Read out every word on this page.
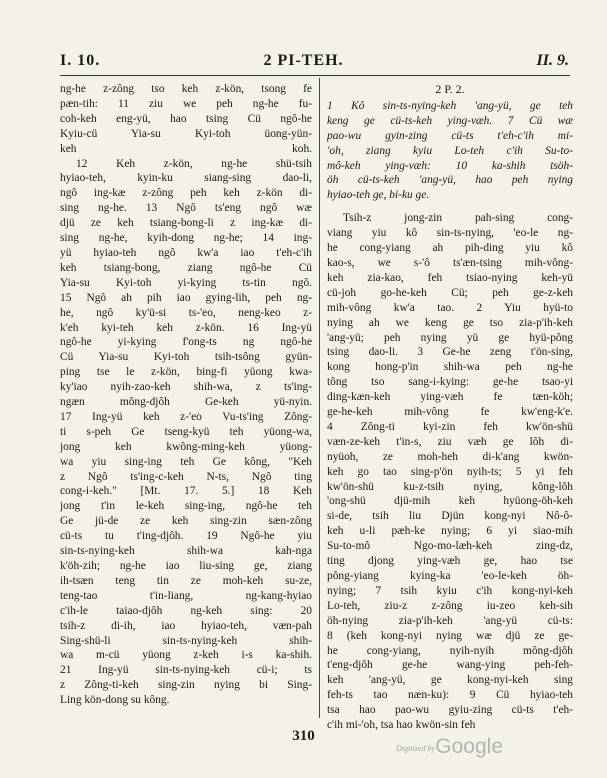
I. 10.	2 PI-TEH.	II. 9.
ng-he z-zông tso keh z-kön, tsong fe
pæn-tih: 11 ziu we peh ng-he fu-
coh-keh eng-yü, hao tsing Cü ngô-he
Kyiu-cü Yia-su Kyi-toh üong-yün-
keh koh.
12 Keh z-kön, ng-he shü-tsih
hyiao-teh, kyin-ku siang-sing dao-li,
ngô ing-kæ z-zông peh keh z-kön di-
sing ng-he. 13 Ngô ts'eng ngô wæ
djü ze keh tsiang-bong-li z ing-kæ di-
sing ng-he, kyih-dong ng-he; 14 ing-
yü hyiao-teh ngô kw'a iao t'eh-c'ih
keh tsiang-bong, ziang ngô-he Cü
Yia-su Kyi-toh yi-kying ts-tin ngô.
15 Ngô ah pih iao gying-lih, peh ng-
he, ngô ky'ü-si ts-'eo, neng-keo z-
k'eh kyi-teh keh z-kön. 16 Ing-yü
ngô-he yi-kying f'ong-ts ng ngô-he
Cü Yia-su Kyi-toh tsih-tsông gyün-
ping tse le z-kön, bing-fi yüong kwa-
ky'iao nyih-zao-keh shih-wa, z ts'ing-
ngæn mông-djôh Ge-keh yü-nyin.
17 Ing-yü keh z-'eo Vu-ts'ing Zông-
ti s-peh Ge tseng-kyü teh yüong-wa,
jong keh kwông-ming-keh yüong-
wa yiu sing-ing teh Ge kông, "Keh
z Ngô ts'ing-c-keh N-ts, Ngô ting
cong-i-keh." [Mt. 17. 5.] 18 Keh
jong t'in le-keh sing-ing, ngô-he teh
Ge jü-de ze keh sing-zin sæn-zông
cü-ts tu t'ing-djôh. 19 Ngô-he yiu
sin-ts-nying-keh shih-wa kah-nga
k'öh-zih; ng-he iao liu-sing ge, ziang
ih-tsæn teng tin ze moh-keh su-ze,
teng-tao t'in-liang, ng-kang-hyiao
c'ih-le taiao-djôh ng-keh sing: 20
tsih-z di-ih, iao hyiao-teh, væn-pah
Sing-shü-li sin-ts-nying-keh shih-
wa m-cü yüong z-keh i-s ka-shih.
21 Ing-yü sin-ts-nying-keh cü-i; ts
z Zông-ti-keh sing-zin nying bi Sing-
Ling kön-dong su kông.
2 P. 2.
1 Kô sin-ts-nying-keh 'ang-yü, ge teh
keng ge cü-ts-keh ying-væh. 7 Cü wæ
pao-wu gyin-zing cü-ts t'eh-c'ih mi-
'oh, ziang kyiu Lo-teh c'ih Su-to-
mô-keh ying-væh: 10 ka-shih tsöh-
öh cü-ts-keh 'ang-yü, hao peh nying
hyiao-teh ge, bi-ku ge.
Tsih-z jong-zin pah-sing cong-
viang yiu kô sin-ts-nying, 'eo-le ng-
he cong-yiang ah pih-ding yiu kô
kao-s, we s-'ô ts'æn-tsing mih-vông-
keh zia-kao, feh tsiao-nying keh-yü
cü-joh go-he-keh Cü; peh ge-z-keh
mih-vông kw'a tao. 2 Yiu hyü-to
nying ah we keng ge tso zia-p'ih-keh
'ang-yü; peh nying yü ge hyü-pông
tsing dao-li. 3 Ge-he zeng t'ön-sing,
kong hong-p'in shih-wa peh ng-he
tông tso sang-i-kying: ge-he tsao-yi
ding-kæn-keh ying-væh fe tæn-köh;
ge-he-keh mih-vông fe kw'eng-k'e.
4 Zông-ti kyi-zin feh kw'ön-shü
væn-ze-keh t'in-s, ziu væh ge lôh di-
nyüoh, ze moh-heh di-k'ang kwön-
keh go tao sing-p'ön nyih-ts; 5 yi feh
kw'ön-shü ku-z-tsih nying, kông-lôh
'ong-shü djü-mih keh hyüong-öh-keh
si-de, tsih liu Djün kong-nyi Nô-ô-
keh u-li pæh-ke nying; 6 yi siao-mih
Su-to-mô Ngo-mo-læh-keh zing-dz,
ting djong ying-væh ge, hao tse
pông-yiang kying-ka 'eo-le-keh öh-
nying; 7 tsih kyiu c'ih kong-nyi-keh
Lo-teh, ziu-z z-zông iu-zeo keh-sih
öh-nying zia-p'ih-keh 'ang-yü cü-ts:
8 (keh kong-nyi nying wæ djü ze ge-
he cong-yiang, nyih-nyih mông-djôh
t'eng-djôh ge-he wang-ying peh-feh-
keh 'ang-yü, ge kong-nyi-keh sing
feh-ts tao næn-ku): 9 Cü hyiao-teh
tsa hao pao-wu gyiu-zing cü-ts t'eh-
c'ih mi-'oh, tsa hao kwön-sin feh
310
Digitized by Google
